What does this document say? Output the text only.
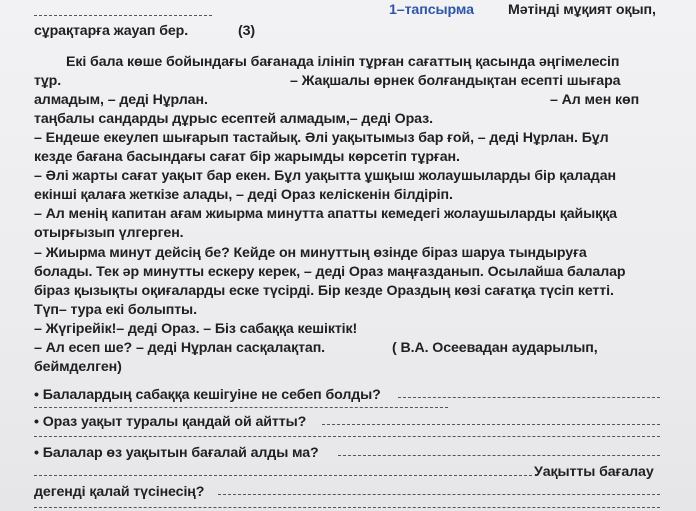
1–тапсырма Мәтінді мұқият оқып,
сұрақтарға жауап бер.	(3)
Екі бала көше бойындағы бағанада ілініп тұрған сағаттың қасында әңгімелесіп
тұр.	– Жақшалы өрнек болғандықтан есепті шығара
алмадым, – деді Нұрлан.	– Ал мен көп
таңбалы сандарды дұрыс есептей алмадым,– деді Ораз.
– Ендеше екеулеп шығарып тастайық. Әлі уақытымыз бар ғой, – деді Нұрлан. Бұл
кезде бағана басындағы сағат бір жарымды көрсетіп тұрған.
– Әлі жарты сағат уақыт бар екен. Бұл уақытта ұшқыш жолаушыларды бір қаладан
екінші қалаға жеткізе алады, – деді Ораз келіскенін білдіріп.
– Ал менің капитан ағам жиырма минутта апатты кемедегі жолаушыларды қайыққа
отырғызып үлгерген.
– Жиырма минут дейсің бе? Кейде он минуттың өзінде біраз шаруа тындыруға
болады. Тек әр минутты ескеру керек, – деді Ораз маңғазданып. Осылайша балалар
біраз қызықты оқиғаларды еске түсірді. Бір кезде Ораздың көзі сағатқа түсіп кетті.
Түп– тура екі болыпты.
– Жүгірейік!– деді Ораз. – Біз сабаққа кешіктік!
– Ал есеп ше? – деді Нұрлан сасқалақтап.	( В.А. Осеевадан аударылып,
беймделген)
• Балалардың сабаққа кешігуіне не себеп болды?
• Ораз уақыт туралы қандай ой айтты?
• Балалар өз уақытын бағалай алды ма?
Уақытты бағалау
дегенді қалай түсінесің?
